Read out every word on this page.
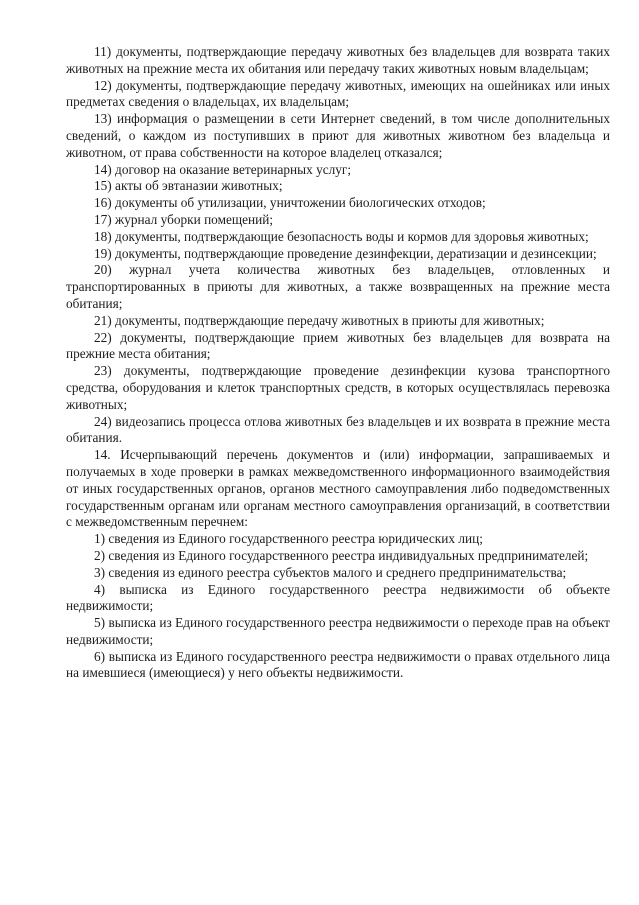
11) документы, подтверждающие передачу животных без владельцев для возврата таких животных на прежние места их обитания или передачу таких животных новым владельцам;

12) документы, подтверждающие передачу животных, имеющих на ошейниках или иных предметах сведения о владельцах, их владельцам;

13) информация о размещении в сети Интернет сведений, в том числе дополнительных сведений, о каждом из поступивших в приют для животных животном без владельца и животном, от права собственности на которое владелец отказался;

14) договор на оказание ветеринарных услуг;

15) акты об эвтаназии животных;

16) документы об утилизации, уничтожении биологических отходов;

17) журнал уборки помещений;

18) документы, подтверждающие безопасность воды и кормов для здоровья животных;

19) документы, подтверждающие проведение дезинфекции, дератизации и дезинсекции;

20) журнал учета количества животных без владельцев, отловленных и транспортированных в приюты для животных, а также возвращенных на прежние места обитания;

21) документы, подтверждающие передачу животных в приюты для животных;

22) документы, подтверждающие прием животных без владельцев для возврата на прежние места обитания;

23) документы, подтверждающие проведение дезинфекции кузова транспортного средства, оборудования и клеток транспортных средств, в которых осуществлялась перевозка животных;

24) видеозапись процесса отлова животных без владельцев и их возврата в прежние места обитания.

14. Исчерпывающий перечень документов и (или) информации, запрашиваемых и получаемых в ходе проверки в рамках межведомственного информационного взаимодействия от иных государственных органов, органов местного самоуправления либо подведомственных государственным органам или органам местного самоуправления организаций, в соответствии с межведомственным перечнем:

1) сведения из Единого государственного реестра юридических лиц;

2) сведения из Единого государственного реестра индивидуальных предпринимателей;

3) сведения из единого реестра субъектов малого и среднего предпринимательства;

4) выписка из Единого государственного реестра недвижимости об объекте недвижимости;

5) выписка из Единого государственного реестра недвижимости о переходе прав на объект недвижимости;

6) выписка из Единого государственного реестра недвижимости о правах отдельного лица на имевшиеся (имеющиеся) у него объекты недвижимости.
